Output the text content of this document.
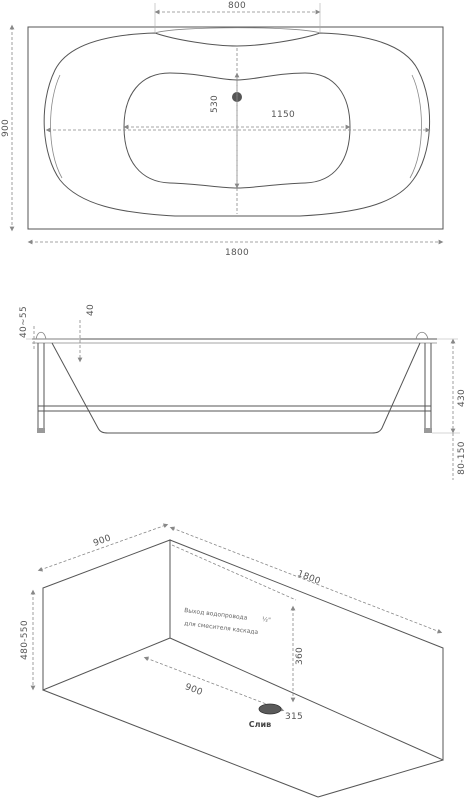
800
900
1150
530
1800
40~55	40
430
80-150
900
1800
480-550	360
Выход водопровода ½"
для смесителя каскада
900
Слив
315
